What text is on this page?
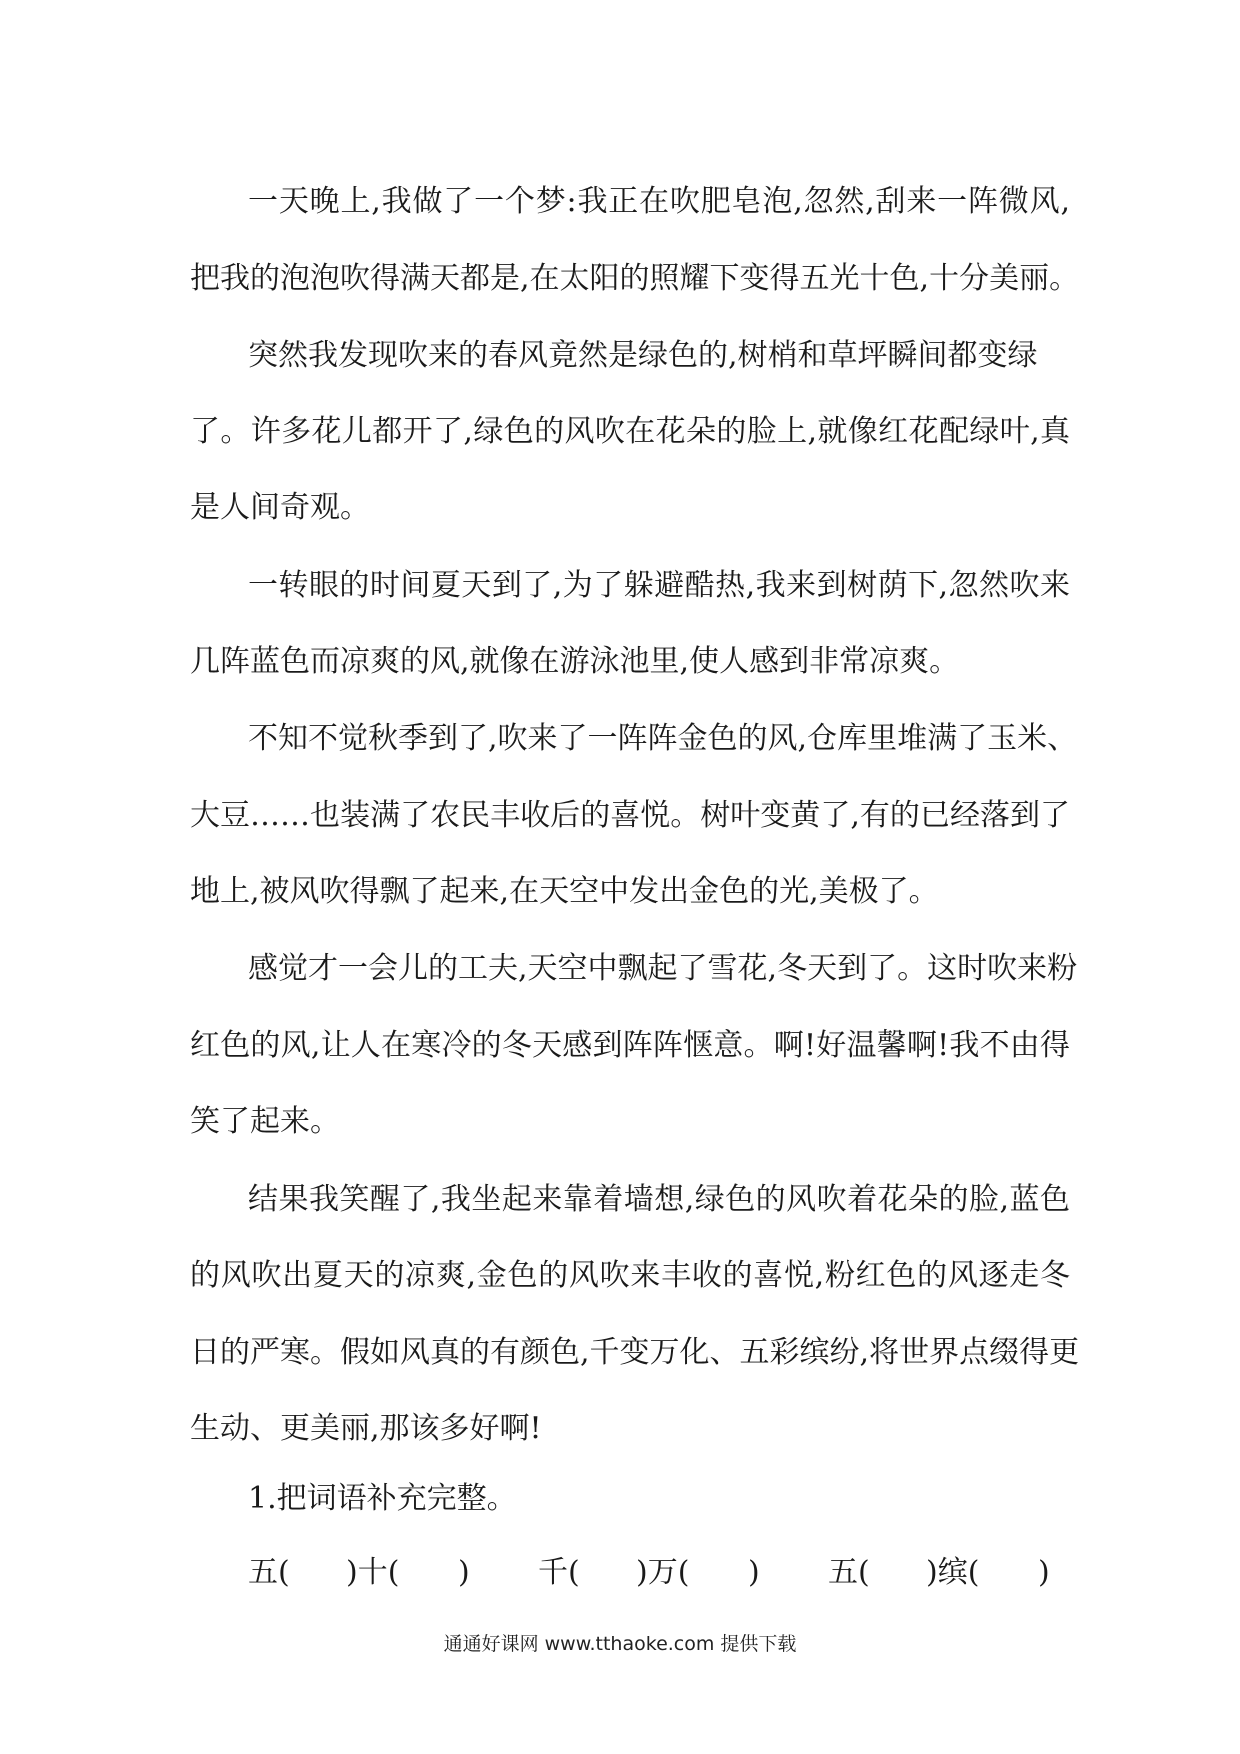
一天晚上,我做了一个梦:我正在吹肥皂泡,忽然,刮来一阵微风,
把我的泡泡吹得满天都是,在太阳的照耀下变得五光十色,十分美丽。
突然我发现吹来的春风竟然是绿色的,树梢和草坪瞬间都变绿
了。许多花儿都开了,绿色的风吹在花朵的脸上,就像红花配绿叶,真
是人间奇观。
一转眼的时间夏天到了,为了躲避酷热,我来到树荫下,忽然吹来
几阵蓝色而凉爽的风,就像在游泳池里,使人感到非常凉爽。
不知不觉秋季到了,吹来了一阵阵金色的风,仓库里堆满了玉米、
大豆……也装满了农民丰收后的喜悦。树叶变黄了,有的已经落到了
地上,被风吹得飘了起来,在天空中发出金色的光,美极了。
感觉才一会儿的工夫,天空中飘起了雪花,冬天到了。这时吹来粉
红色的风,让人在寒冷的冬天感到阵阵惬意。啊!好温馨啊!我不由得
笑了起来。
结果我笑醒了,我坐起来靠着墙想,绿色的风吹着花朵的脸,蓝色
的风吹出夏天的凉爽,金色的风吹来丰收的喜悦,粉红色的风逐走冬
日的严寒。假如风真的有颜色,千变万化、五彩缤纷,将世界点缀得更
生动、更美丽,那该多好啊!
1.把词语补充完整。
五( )十( ) 千( )万( ) 五( )缤( )
通通好课网 www.tthaoke.com 提供下载
